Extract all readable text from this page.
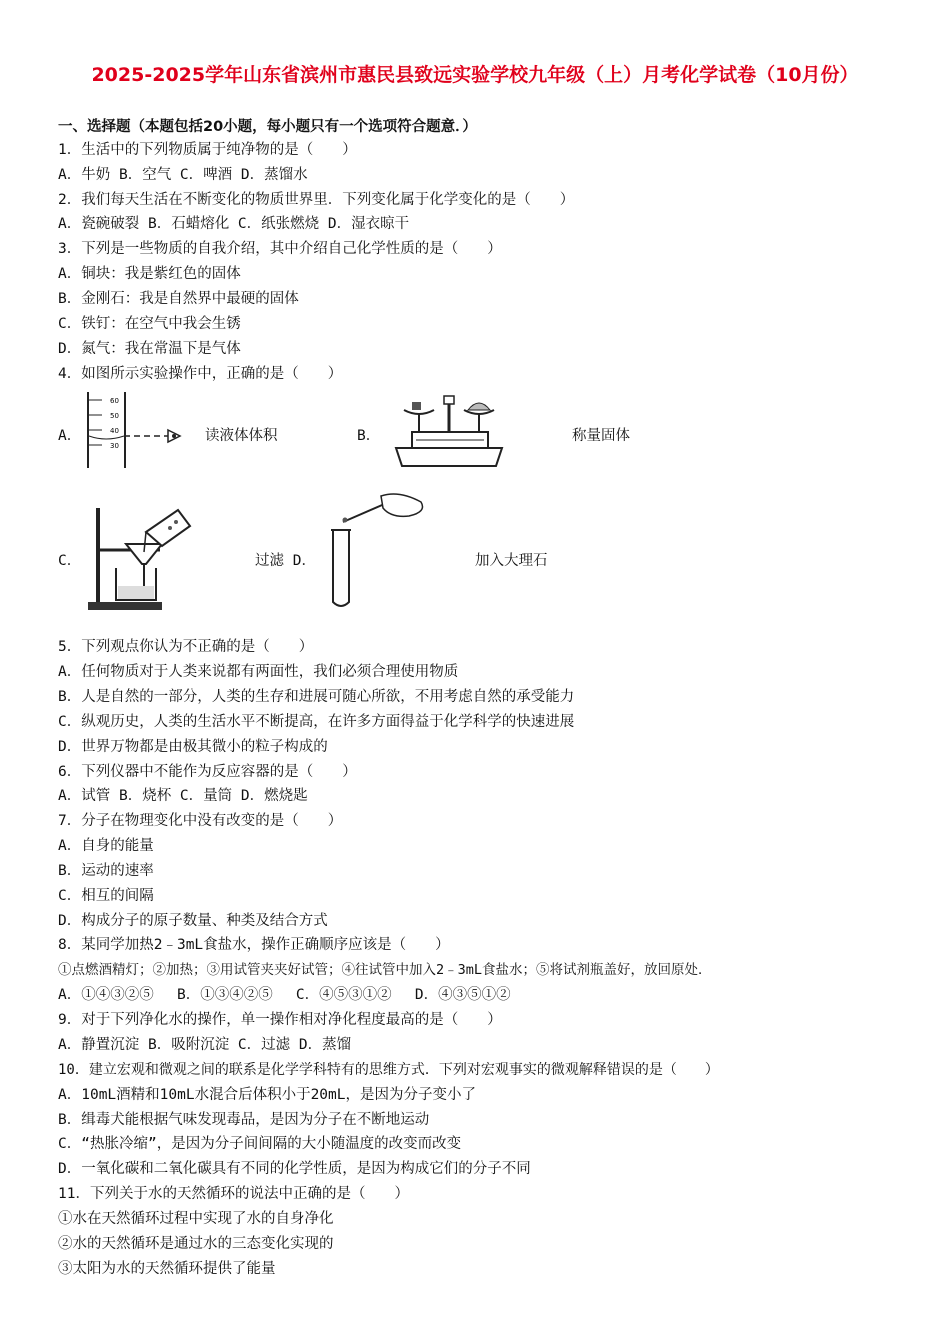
2025-2025学年山东省滨州市惠民县致远实验学校九年级（上）月考化学试卷（10月份）
一、选择题（本题包括20小题，每小题只有一个选项符合题意．）
1．生活中的下列物质属于纯净物的是（　　）
A．牛奶 B．空气 C．啤酒 D．蒸馏水
2．我们每天生活在不断变化的物质世界里．下列变化属于化学变化的是（　　）
A．瓷碗破裂 B．石蜡熔化 C．纸张燃烧 D．湿衣晾干
3．下列是一些物质的自我介绍，其中介绍自己化学性质的是（　　）
A．铜块：我是紫红色的固体
B．金刚石：我是自然界中最硬的固体
C．铁钉：在空气中我会生锈
D．氮气：我在常温下是气体
4．如图所示实验操作中，正确的是（　　）
A．
60
50
40
30
读液体体积	B．	称量固体
C．	过滤 D．	加入大理石
5．下列观点你认为不正确的是（　　）
A．任何物质对于人类来说都有两面性，我们必须合理使用物质
B．人是自然的一部分，人类的生存和进展可随心所欲，不用考虑自然的承受能力
C．纵观历史，人类的生活水平不断提高，在许多方面得益于化学科学的快速进展
D．世界万物都是由极其微小的粒子构成的
6．下列仪器中不能作为反应容器的是（　　）
A．试管 B．烧杯 C．量筒 D．燃烧匙
7．分子在物理变化中没有改变的是（　　）
A．自身的能量
B．运动的速率
C．相互的间隔
D．构成分子的原子数量、种类及结合方式
8．某同学加热2﹣3mL食盐水，操作正确顺序应该是（　　）
①点燃酒精灯；②加热；③用试管夹夹好试管；④往试管中加入2﹣3mL食盐水；⑤将试剂瓶盖好，放回原处．
A．①④③②⑤　 B．①③④②⑤　 C．④⑤③①②　 D．④③⑤①②
9．对于下列净化水的操作，单一操作相对净化程度最高的是（　　）
A．静置沉淀 B．吸附沉淀 C．过滤 D．蒸馏
10．建立宏观和微观之间的联系是化学学科特有的思维方式．下列对宏观事实的微观解释错误的是（　　）
A．10mL酒精和10mL水混合后体积小于20mL，是因为分子变小了
B．缉毒犬能根据气味发现毒品，是因为分子在不断地运动
C．“热胀冷缩”，是因为分子间间隔的大小随温度的改变而改变
D．一氧化碳和二氧化碳具有不同的化学性质，是因为构成它们的分子不同
11．下列关于水的天然循环的说法中正确的是（　　）
①水在天然循环过程中实现了水的自身净化
②水的天然循环是通过水的三态变化实现的
③太阳为水的天然循环提供了能量
